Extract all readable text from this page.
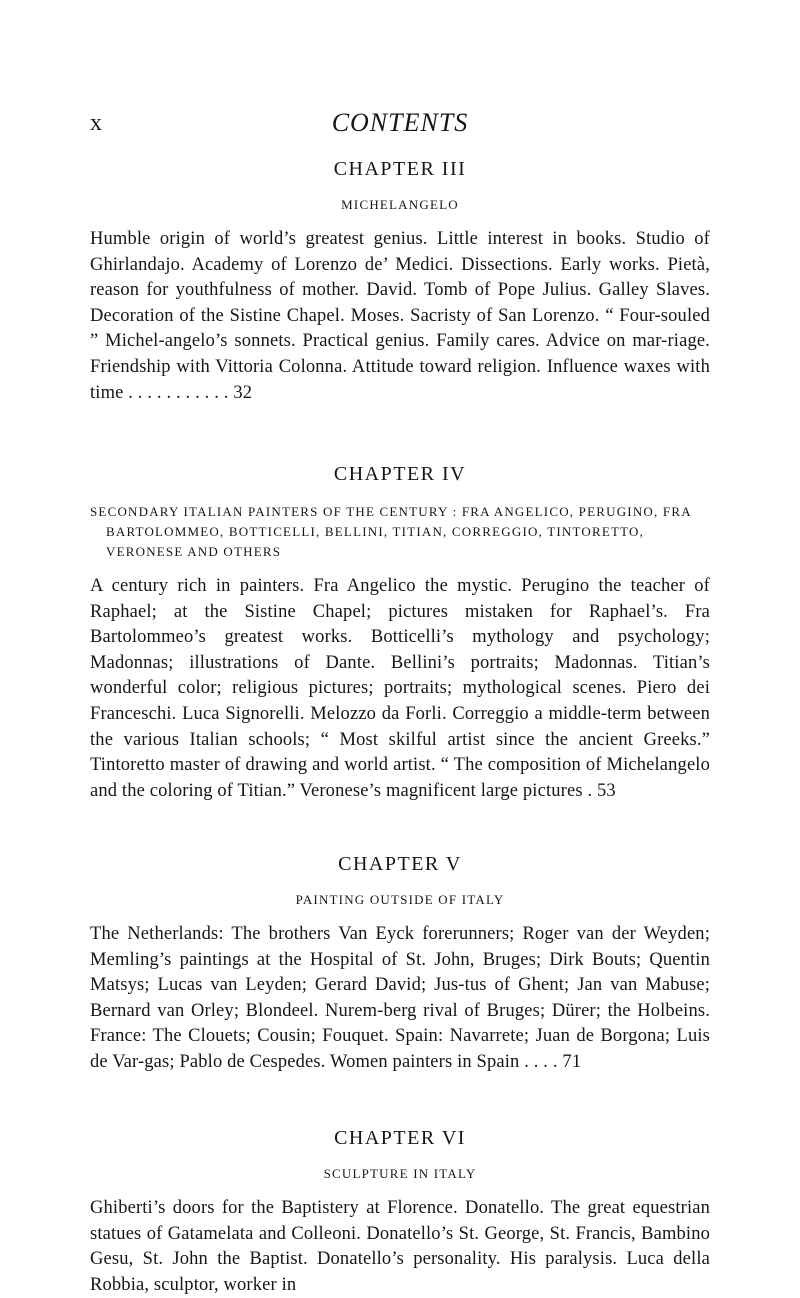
x	CONTENTS

CHAPTER III

MICHELANGELO

Humble origin of world’s greatest genius. Little interest in books. Studio of Ghirlandajo. Academy of Lorenzo de’ Medici. Dissections. Early works. Pietà, reason for youthfulness of mother. David. Tomb of Pope Julius. Galley Slaves. Decoration of the Sistine Chapel. Moses. Sacristy of San Lorenzo. “ Four-souled ” Michel-angelo’s sonnets. Practical genius. Family cares. Advice on mar-riage. Friendship with Vittoria Colonna. Attitude toward religion. Influence waxes with time . . . . . . . . . . . 32

CHAPTER IV

SECONDARY ITALIAN PAINTERS OF THE CENTURY : FRA ANGELICO, PERUGINO, FRA BARTOLOMMEO, BOTTICELLI, BELLINI, TITIAN, CORREGGIO, TINTORETTO, VERONESE AND OTHERS

A century rich in painters. Fra Angelico the mystic. Perugino the teacher of Raphael; at the Sistine Chapel; pictures mistaken for Raphael’s. Fra Bartolommeo’s greatest works. Botticelli’s mythology and psychology; Madonnas; illustrations of Dante. Bellini’s portraits; Madonnas. Titian’s wonderful color; religious pictures; portraits; mythological scenes. Piero dei Franceschi. Luca Signorelli. Melozzo da Forli. Correggio a middle-term between the various Italian schools; “ Most skilful artist since the ancient Greeks.” Tintoretto master of drawing and world artist. “ The composition of Michelangelo and the coloring of Titian.” Veronese’s magnificent large pictures . 53

CHAPTER V

PAINTING OUTSIDE OF ITALY

The Netherlands: The brothers Van Eyck forerunners; Roger van der Weyden; Memling’s paintings at the Hospital of St. John, Bruges; Dirk Bouts; Quentin Matsys; Lucas van Leyden; Gerard David; Jus-tus of Ghent; Jan van Mabuse; Bernard van Orley; Blondeel. Nurem-berg rival of Bruges; Dürer; the Holbeins. France: The Clouets; Cousin; Fouquet. Spain: Navarrete; Juan de Borgona; Luis de Var-gas; Pablo de Cespedes. Women painters in Spain . . . . 71

CHAPTER VI

SCULPTURE IN ITALY

Ghiberti’s doors for the Baptistery at Florence. Donatello. The great equestrian statues of Gatamelata and Colleoni. Donatello’s St. George, St. Francis, Bambino Gesu, St. John the Baptist. Donatello’s personality. His paralysis. Luca della Robbia, sculptor, worker in
